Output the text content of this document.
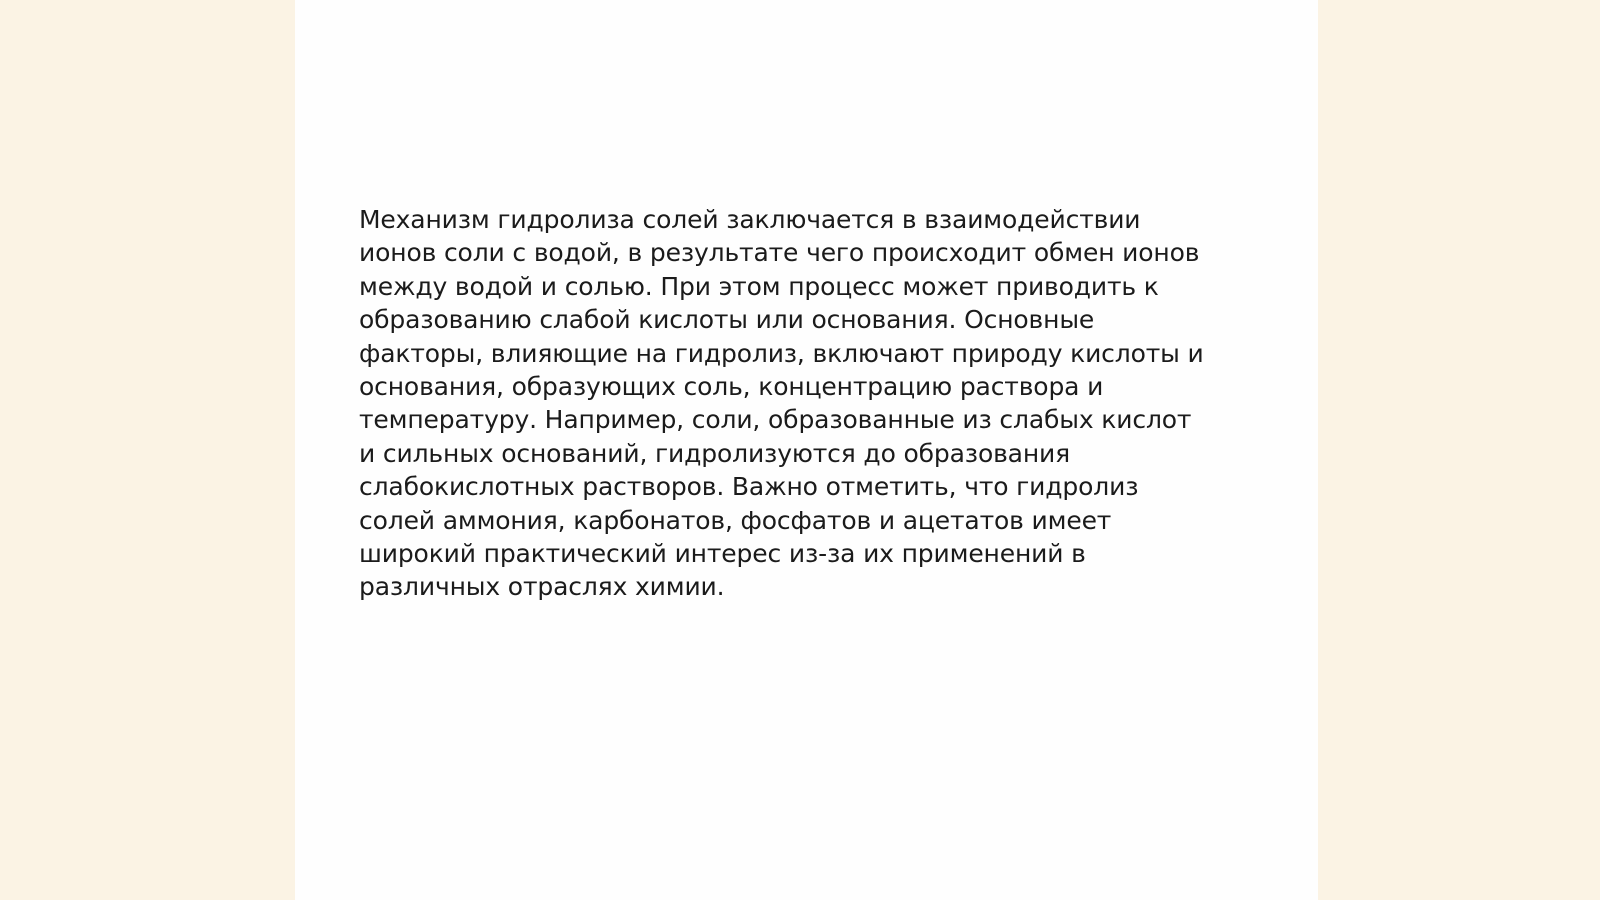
Механизм гидролиза солей заключается в взаимодействии
ионов соли с водой, в результате чего происходит обмен ионов
между водой и солью. При этом процесс может приводить к
образованию слабой кислоты или основания. Основные
факторы, влияющие на гидролиз, включают природу кислоты и
основания, образующих соль, концентрацию раствора и
температуру. Например, соли, образованные из слабых кислот
и сильных оснований, гидролизуются до образования
слабокислотных растворов. Важно отметить, что гидролиз
солей аммония, карбонатов, фосфатов и ацетатов имеет
широкий практический интерес из-за их применений в
различных отраслях химии.
